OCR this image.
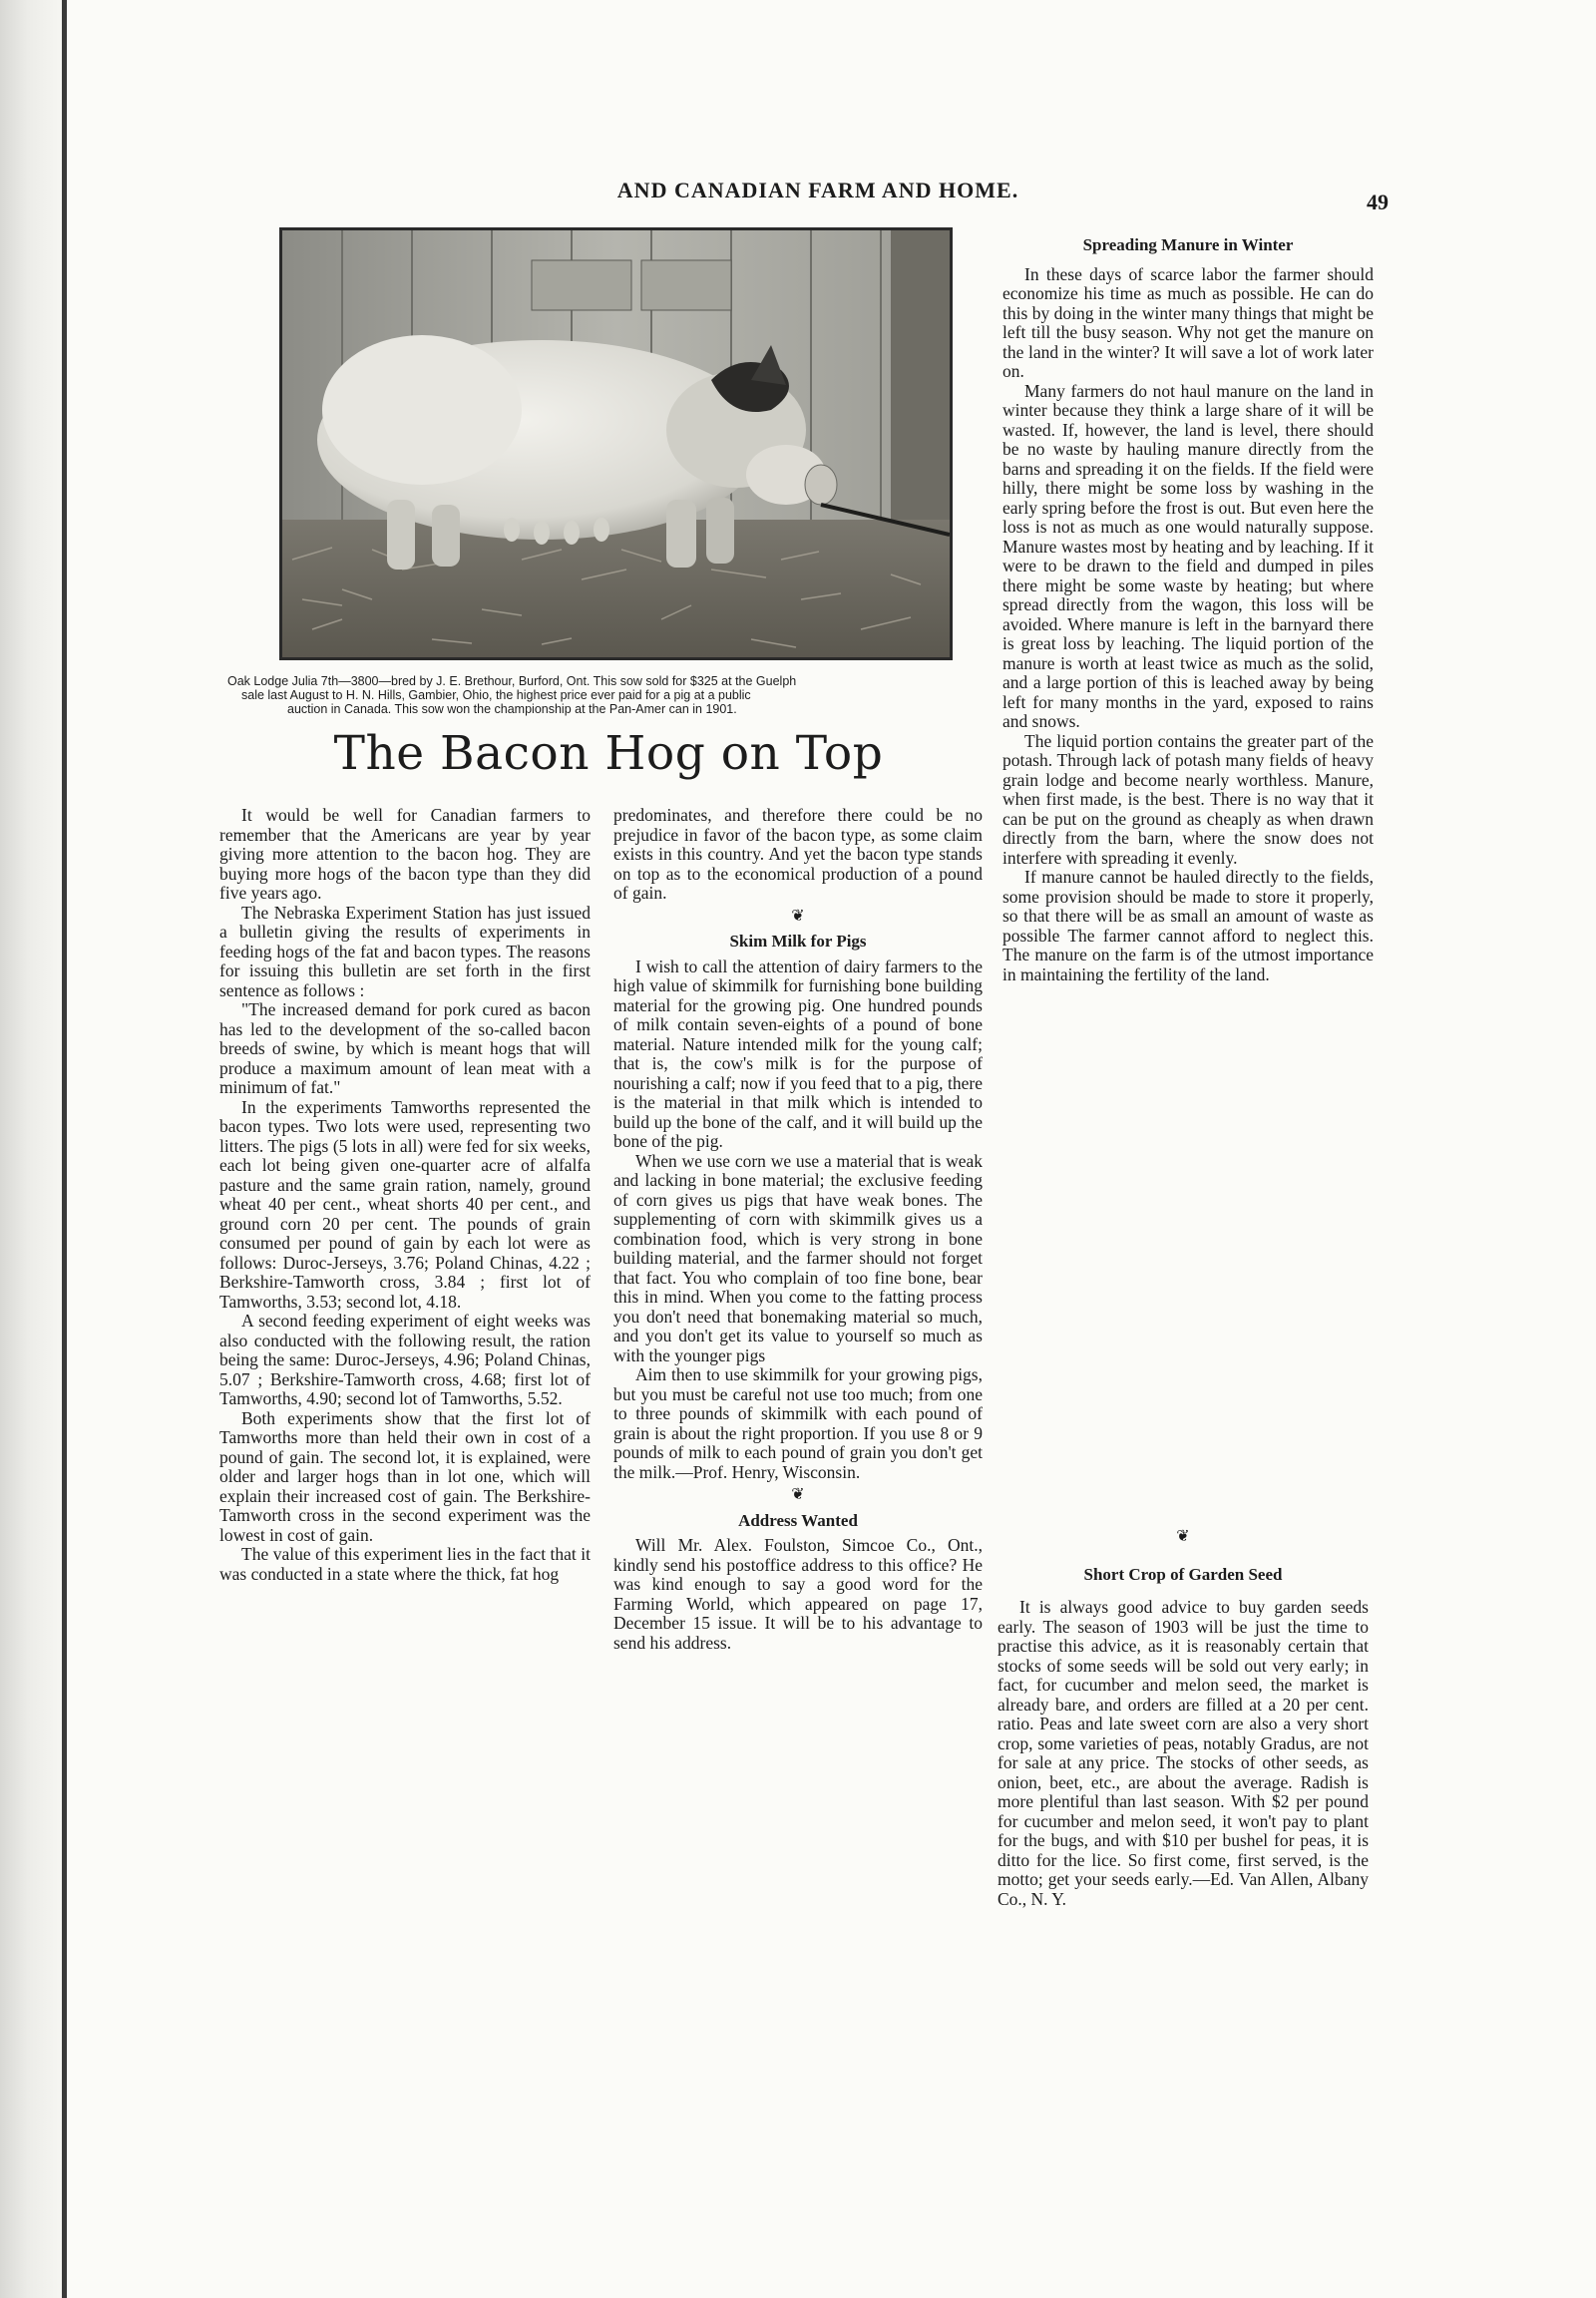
AND CANADIAN FARM AND HOME.	49

Oak Lodge Julia 7th—3800—bred by J. E. Brethour, Burford, Ont. This sow sold for $325 at the Guelph

sale last August to H. N. Hills, Gambier, Ohio, the highest price ever paid for a pig at a public

auction in Canada. This sow won the championship at the Pan-Amer can in 1901.

The Bacon Hog on Top

It would be well for Canadian farmers to remember that the Americans are year by year giving more attention to the bacon hog. They are buying more hogs of the bacon type than they did five years ago.

The Nebraska Experiment Station has just issued a bulletin giving the results of experiments in feeding hogs of the fat and bacon types. The reasons for issuing this bulletin are set forth in the first sentence as follows :

"The increased demand for pork cured as bacon has led to the development of the so-called bacon breeds of swine, by which is meant hogs that will produce a maximum amount of lean meat with a minimum of fat."

In the experiments Tamworths represented the bacon types. Two lots were used, representing two litters. The pigs (5 lots in all) were fed for six weeks, each lot being given one-quarter acre of alfalfa pasture and the same grain ration, namely, ground wheat 40 per cent., wheat shorts 40 per cent., and ground corn 20 per cent. The pounds of grain consumed per pound of gain by each lot were as follows: Duroc-Jerseys, 3.76; Poland Chinas, 4.22 ; Berkshire-Tamworth cross, 3.84 ; first lot of Tamworths, 3.53; second lot, 4.18.

A second feeding experiment of eight weeks was also conducted with the following result, the ration being the same: Duroc-Jerseys, 4.96; Poland Chinas, 5.07 ; Berkshire-Tamworth cross, 4.68; first lot of Tamworths, 4.90; second lot of Tamworths, 5.52.

Both experiments show that the first lot of Tamworths more than held their own in cost of a pound of gain. The second lot, it is explained, were older and larger hogs than in lot one, which will explain their increased cost of gain. The Berkshire-Tamworth cross in the second experiment was the lowest in cost of gain.

The value of this experiment lies in the fact that it was conducted in a state where the thick, fat hog

predominates, and therefore there could be no prejudice in favor of the bacon type, as some claim exists in this country. And yet the bacon type stands on top as to the economical production of a pound of gain.

❦
Skim Milk for Pigs

I wish to call the attention of dairy farmers to the high value of skimmilk for furnishing bone building material for the growing pig. One hundred pounds of milk contain seven-eights of a pound of bone material. Nature intended milk for the young calf; that is, the cow's milk is for the purpose of nourishing a calf; now if you feed that to a pig, there is the material in that milk which is intended to build up the bone of the calf, and it will build up the bone of the pig.

When we use corn we use a material that is weak and lacking in bone material; the exclusive feeding of corn gives us pigs that have weak bones. The supplementing of corn with skimmilk gives us a combination food, which is very strong in bone building material, and the farmer should not forget that fact. You who complain of too fine bone, bear this in mind. When you come to the fatting process you don't need that bonemaking material so much, and you don't get its value to yourself so much as with the younger pigs

Aim then to use skimmilk for your growing pigs, but you must be careful not use too much; from one to three pounds of skimmilk with each pound of grain is about the right proportion. If you use 8 or 9 pounds of milk to each pound of grain you don't get the milk.—Prof. Henry, Wisconsin.

❦
Address Wanted

Will Mr. Alex. Foulston, Simcoe Co., Ont., kindly send his postoffice address to this office? He was kind enough to say a good word for the Farming World, which appeared on page 17, December 15 issue. It will be to his advantage to send his address.

Spreading Manure in Winter

In these days of scarce labor the farmer should economize his time as much as possible. He can do this by doing in the winter many things that might be left till the busy season. Why not get the manure on the land in the winter? It will save a lot of work later on.

Many farmers do not haul manure on the land in winter because they think a large share of it will be wasted. If, however, the land is level, there should be no waste by hauling manure directly from the barns and spreading it on the fields. If the field were hilly, there might be some loss by washing in the early spring before the frost is out. But even here the loss is not as much as one would naturally suppose. Manure wastes most by heating and by leaching. If it were to be drawn to the field and dumped in piles there might be some waste by heating; but where spread directly from the wagon, this loss will be avoided. Where manure is left in the barnyard there is great loss by leaching. The liquid portion of the manure is worth at least twice as much as the solid, and a large portion of this is leached away by being left for many months in the yard, exposed to rains and snows.

The liquid portion contains the greater part of the potash. Through lack of potash many fields of heavy grain lodge and become nearly worthless. Manure, when first made, is the best. There is no way that it can be put on the ground as cheaply as when drawn directly from the barn, where the snow does not interfere with spreading it evenly.

If manure cannot be hauled directly to the fields, some provision should be made to store it properly, so that there will be as small an amount of waste as possible The farmer cannot afford to neglect this. The manure on the farm is of the utmost importance in maintaining the fertility of the land.

❦
Short Crop of Garden Seed

It is always good advice to buy garden seeds early. The season of 1903 will be just the time to practise this advice, as it is reasonably certain that stocks of some seeds will be sold out very early; in fact, for cucumber and melon seed, the market is already bare, and orders are filled at a 20 per cent. ratio. Peas and late sweet corn are also a very short crop, some varieties of peas, notably Gradus, are not for sale at any price. The stocks of other seeds, as onion, beet, etc., are about the average. Radish is more plentiful than last season. With $2 per pound for cucumber and melon seed, it won't pay to plant for the bugs, and with $10 per bushel for peas, it is ditto for the lice. So first come, first served, is the motto; get your seeds early.—Ed. Van Allen, Albany Co., N. Y.
